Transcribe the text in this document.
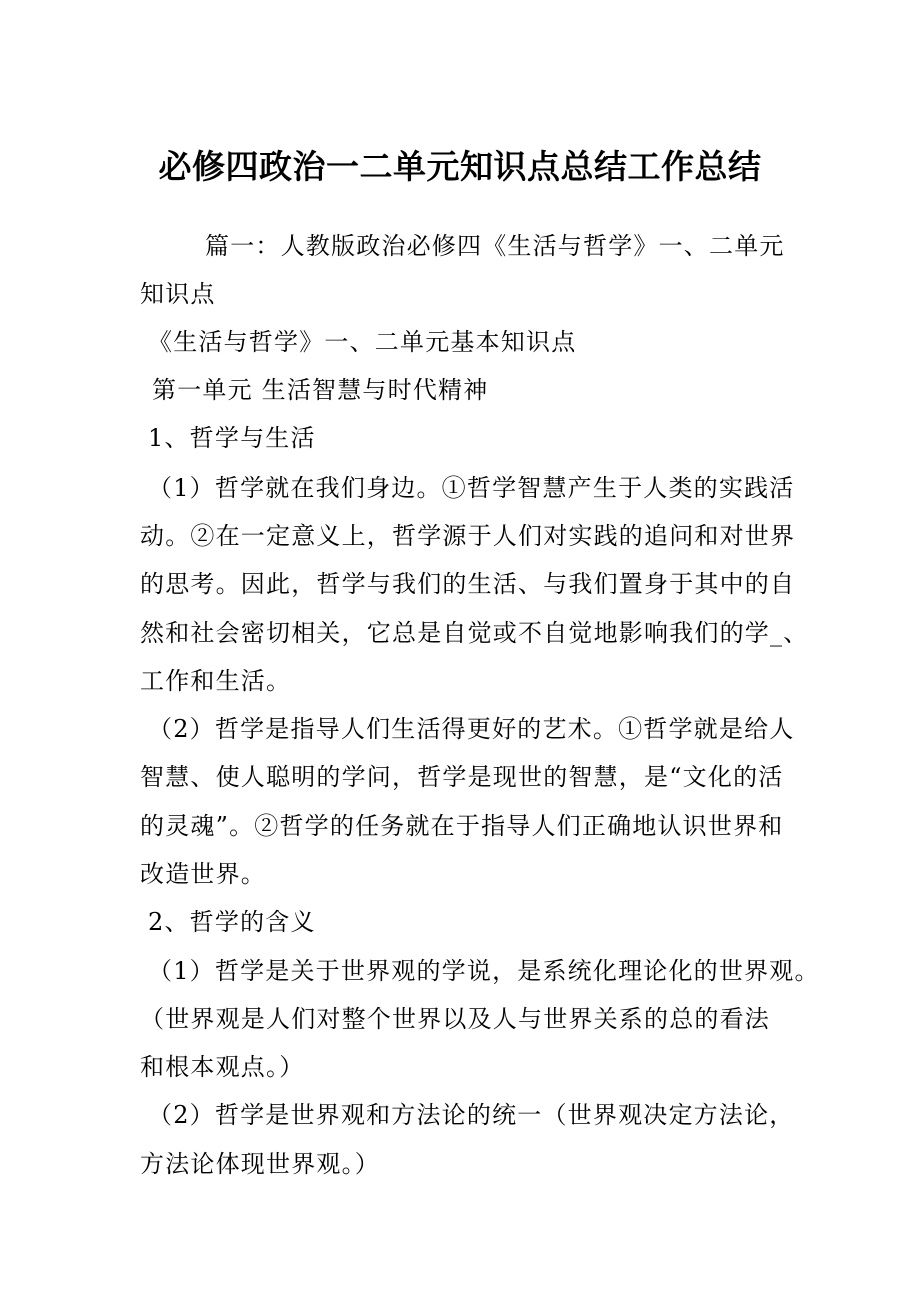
必修四政治一二单元知识点总结工作总结
篇一：人教版政治必修四《生活与哲学》一、二单元
知识点
《生活与哲学》一、二单元基本知识点
第一单元 生活智慧与时代精神
1、哲学与生活
（1）哲学就在我们身边。①哲学智慧产生于人类的实践活
动。②在一定意义上，哲学源于人们对实践的追问和对世界
的思考。因此，哲学与我们的生活、与我们置身于其中的自
然和社会密切相关，它总是自觉或不自觉地影响我们的学_、
工作和生活。
（2）哲学是指导人们生活得更好的艺术。①哲学就是给人
智慧、使人聪明的学问，哲学是现世的智慧，是“文化的活
的灵魂”。②哲学的任务就在于指导人们正确地认识世界和
改造世界。
2、哲学的含义
（1）哲学是关于世界观的学说，是系统化理论化的世界观。
（世界观是人们对整个世界以及人与世界关系的总的看法
和根本观点。）
（2）哲学是世界观和方法论的统一（世界观决定方法论，
方法论体现世界观。）
